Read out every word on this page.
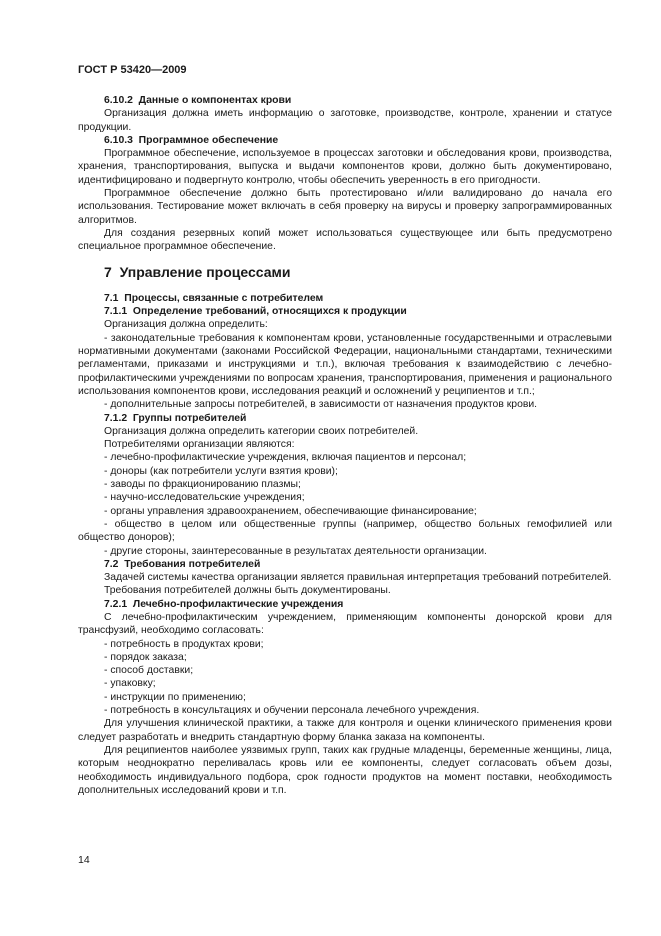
ГОСТ Р 53420—2009
6.10.2 Данные о компонентах крови
Организация должна иметь информацию о заготовке, производстве, контроле, хранении и статусе продукции.
6.10.3 Программное обеспечение
Программное обеспечение, используемое в процессах заготовки и обследования крови, производства, хранения, транспортирования, выпуска и выдачи компонентов крови, должно быть документировано, идентифицировано и подвергнуто контролю, чтобы обеспечить уверенность в его пригодности.
Программное обеспечение должно быть протестировано и/или валидировано до начала его использования. Тестирование может включать в себя проверку на вирусы и проверку запрограммированных алгоритмов.
Для создания резервных копий может использоваться существующее или быть предусмотрено специальное программное обеспечение.
7 Управление процессами
7.1 Процессы, связанные с потребителем
7.1.1 Определение требований, относящихся к продукции
Организация должна определить:
- законодательные требования к компонентам крови, установленные государственными и отраслевыми нормативными документами (законами Российской Федерации, национальными стандартами, техническими регламентами, приказами и инструкциями и т.п.), включая требования к взаимодействию с лечебно-профилактическими учреждениями по вопросам хранения, транспортирования, применения и рационального использования компонентов крови, исследования реакций и осложнений у реципиентов и т.п.;
- дополнительные запросы потребителей, в зависимости от назначения продуктов крови.
7.1.2 Группы потребителей
Организация должна определить категории своих потребителей.
Потребителями организации являются:
- лечебно-профилактические учреждения, включая пациентов и персонал;
- доноры (как потребители услуги взятия крови);
- заводы по фракционированию плазмы;
- научно-исследовательские учреждения;
- органы управления здравоохранением, обеспечивающие финансирование;
- общество в целом или общественные группы (например, общество больных гемофилией или общество доноров);
- другие стороны, заинтересованные в результатах деятельности организации.
7.2 Требования потребителей
Задачей системы качества организации является правильная интерпретация требований потребителей.
Требования потребителей должны быть документированы.
7.2.1 Лечебно-профилактические учреждения
С лечебно-профилактическим учреждением, применяющим компоненты донорской крови для трансфузий, необходимо согласовать:
- потребность в продуктах крови;
- порядок заказа;
- способ доставки;
- упаковку;
- инструкции по применению;
- потребность в консультациях и обучении персонала лечебного учреждения.
Для улучшения клинической практики, а также для контроля и оценки клинического применения крови следует разработать и внедрить стандартную форму бланка заказа на компоненты.
Для реципиентов наиболее уязвимых групп, таких как грудные младенцы, беременные женщины, лица, которым неоднократно переливалась кровь или ее компоненты, следует согласовать объем дозы, необходимость индивидуального подбора, срок годности продуктов на момент поставки, необходимость дополнительных исследований крови и т.п.
14
